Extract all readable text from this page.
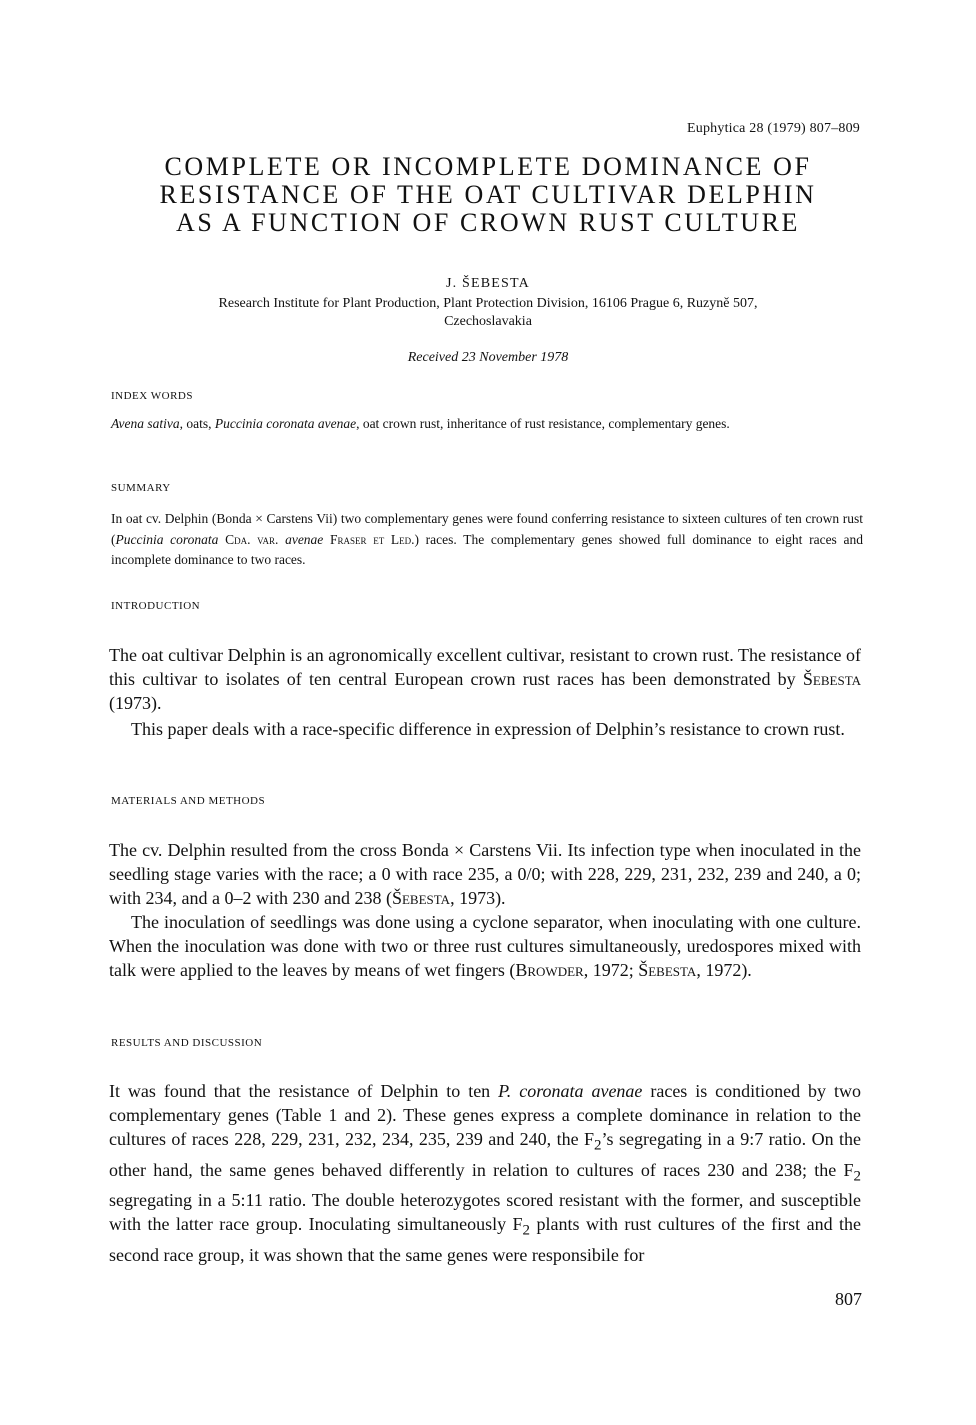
Euphytica 28 (1979) 807–809
COMPLETE OR INCOMPLETE DOMINANCE OF
RESISTANCE OF THE OAT CULTIVAR DELPHIN
AS A FUNCTION OF CROWN RUST CULTURE
J. ŠEBESTA
Research Institute for Plant Production, Plant Protection Division, 16106 Prague 6, Ruzyně 507,
Czechoslavakia
Received 23 November 1978
INDEX WORDS

Avena sativa, oats, Puccinia coronata avenae, oat crown rust, inheritance of rust resistance, complementary genes.

SUMMARY

In oat cv. Delphin (Bonda × Carstens Vii) two complementary genes were found conferring resistance to sixteen cultures of ten crown rust (Puccinia coronata Cda. var. avenae Fraser et Led.) races. The complementary genes showed full dominance to eight races and incomplete dominance to two races.

INTRODUCTION

The oat cultivar Delphin is an agronomically excellent cultivar, resistant to crown rust. The resistance of this cultivar to isolates of ten central European crown rust races has been demonstrated by Šebesta (1973).

This paper deals with a race-specific difference in expression of Delphin’s resistance to crown rust.

MATERIALS AND METHODS

The cv. Delphin resulted from the cross Bonda × Carstens Vii. Its infection type when inoculated in the seedling stage varies with the race; a 0 with race 235, a 0/0; with 228, 229, 231, 232, 239 and 240, a 0; with 234, and a 0–2 with 230 and 238 (Šebesta, 1973).

The inoculation of seedlings was done using a cyclone separator, when inoculating with one culture. When the inoculation was done with two or three rust cultures simultaneously, uredospores mixed with talk were applied to the leaves by means of wet fingers (Browder, 1972; Šebesta, 1972).

RESULTS AND DISCUSSION

It was found that the resistance of Delphin to ten P. coronata avenae races is conditioned by two complementary genes (Table 1 and 2). These genes express a complete dominance in relation to the cultures of races 228, 229, 231, 232, 234, 235, 239 and 240, the $F_2’s$ segregating in a 9:7 ratio. On the other hand, the same genes behaved differently in relation to cultures of races 230 and 238; the $F_2$ segregating in a 5:11 ratio. The double heterozygotes scored resistant with the former, and susceptible with the latter race group. Inoculating simultaneously $F_2$ plants with rust cultures of the first and the second race group, it was shown that the same genes were responsibile for

807
